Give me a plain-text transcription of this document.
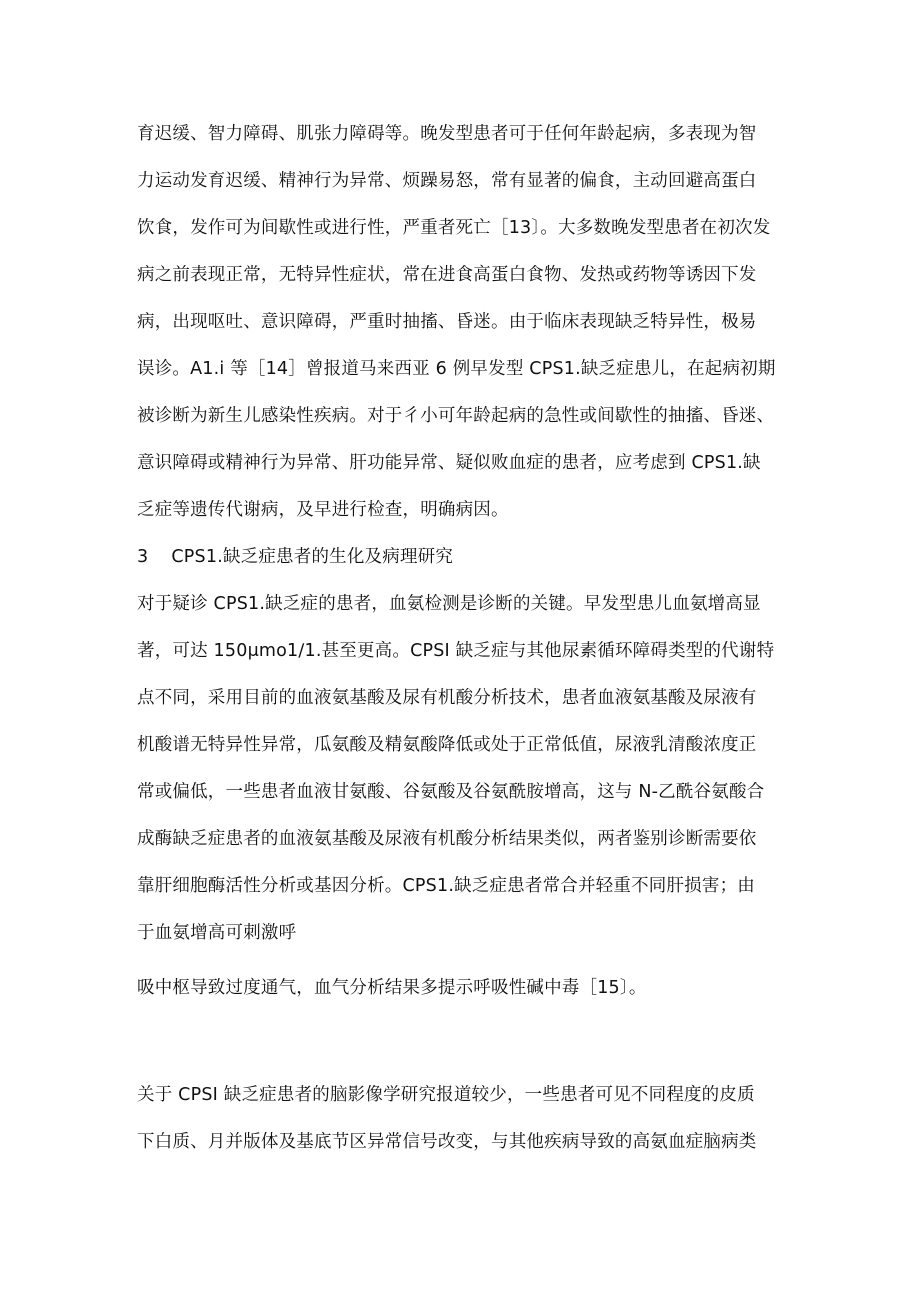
育迟缓、智力障碍、肌张力障碍等。晚发型患者可于任何年龄起病，多表现为智
力运动发育迟缓、精神行为异常、烦躁易怒，常有显著的偏食，主动回避高蛋白
饮食，发作可为间歇性或进行性，严重者死亡［13〕。大多数晚发型患者在初次发
病之前表现正常，无特异性症状，常在进食高蛋白食物、发热或药物等诱因下发
病，出现呕吐、意识障碍，严重时抽搐、昏迷。由于临床表现缺乏特异性，极易
误诊。A1.i 等［14］曾报道马来西亚 6 例早发型 CPS1.缺乏症患儿，在起病初期
被诊断为新生儿感染性疾病。对于彳小可年龄起病的急性或间歇性的抽搐、昏迷、
意识障碍或精神行为异常、肝功能异常、疑似败血症的患者，应考虑到 CPS1.缺
乏症等遗传代谢病，及早进行检查，明确病因。
3    CPS1.缺乏症患者的生化及病理研究
对于疑诊 CPS1.缺乏症的患者，血氨检测是诊断的关键。早发型患儿血氨增高显
著，可达 150μmo1∕1.甚至更高。CPSI 缺乏症与其他尿素循环障碍类型的代谢特
点不同，采用目前的血液氨基酸及尿有机酸分析技术，患者血液氨基酸及尿液有
机酸谱无特异性异常，瓜氨酸及精氨酸降低或处于正常低值，尿液乳清酸浓度正
常或偏低，一些患者血液甘氨酸、谷氨酸及谷氨酰胺增高，这与 N-乙酰谷氨酸合
成酶缺乏症患者的血液氨基酸及尿液有机酸分析结果类似，两者鉴别诊断需要依
靠肝细胞酶活性分析或基因分析。CPS1.缺乏症患者常合并轻重不同肝损害；由
于血氨增高可刺激呼
吸中枢导致过度通气，血气分析结果多提示呼吸性碱中毒［15〕。
关于 CPSI 缺乏症患者的脑影像学研究报道较少，一些患者可见不同程度的皮质
下白质、月并版体及基底节区异常信号改变，与其他疾病导致的高氨血症脑病类
